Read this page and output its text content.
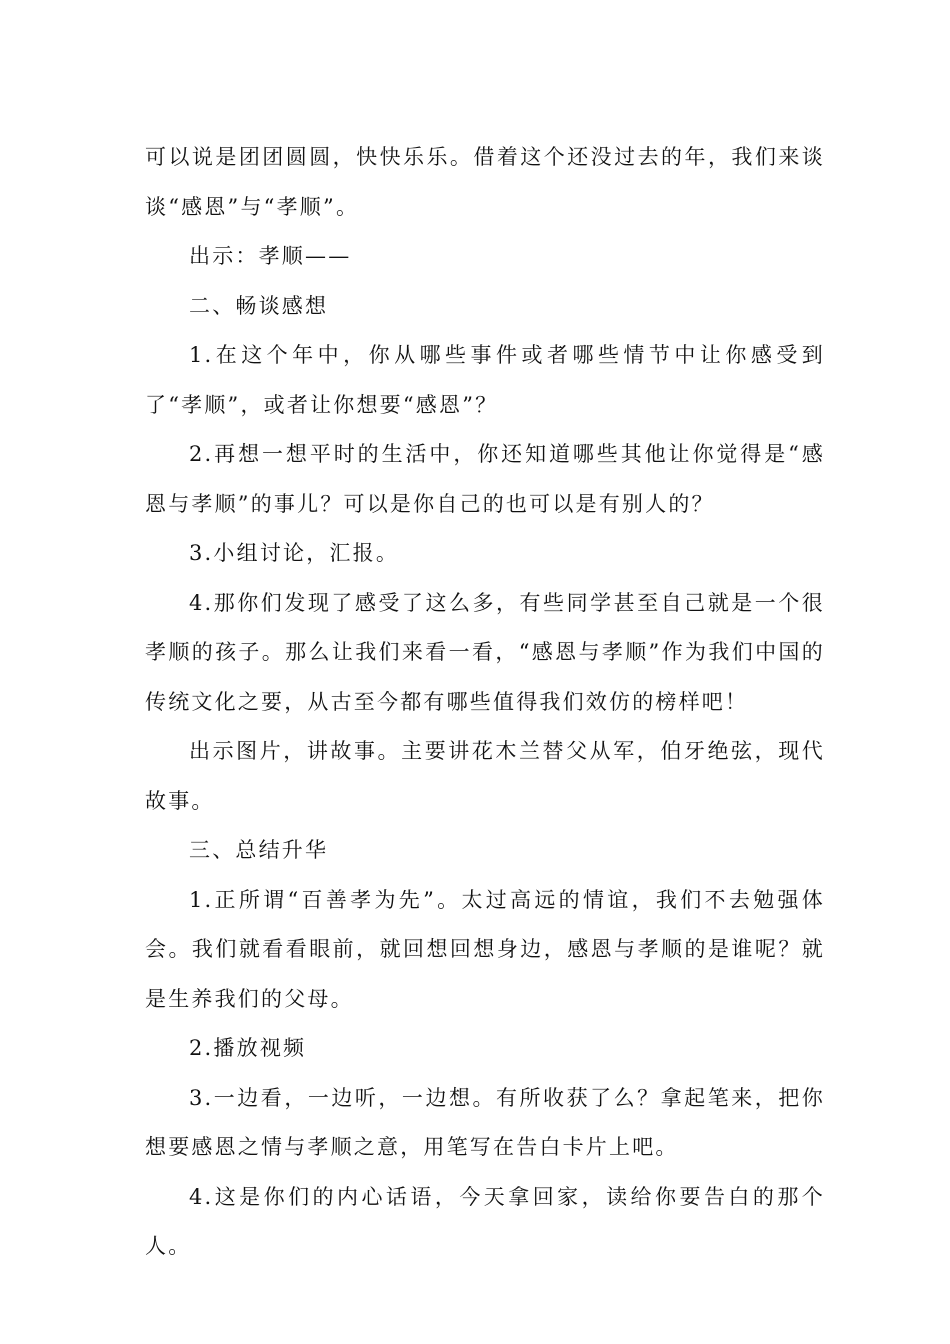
可以说是团团圆圆，快快乐乐。借着这个还没过去的年，我们来谈谈“感恩”与“孝顺”。

出示：孝顺——

二、畅谈感想

1.在这个年中，你从哪些事件或者哪些情节中让你感受到了“孝顺”，或者让你想要“感恩”？

2.再想一想平时的生活中，你还知道哪些其他让你觉得是“感恩与孝顺”的事儿？可以是你自己的也可以是有别人的？

3.小组讨论，汇报。

4.那你们发现了感受了这么多，有些同学甚至自己就是一个很孝顺的孩子。那么让我们来看一看，“感恩与孝顺”作为我们中国的传统文化之要，从古至今都有哪些值得我们效仿的榜样吧！

出示图片，讲故事。主要讲花木兰替父从军，伯牙绝弦，现代故事。

三、总结升华

1.正所谓“百善孝为先”。太过高远的情谊，我们不去勉强体会。我们就看看眼前，就回想回想身边，感恩与孝顺的是谁呢？就是生养我们的父母。

2.播放视频

3.一边看，一边听，一边想。有所收获了么？拿起笔来，把你想要感恩之情与孝顺之意，用笔写在告白卡片上吧。

4.这是你们的内心话语，今天拿回家，读给你要告白的那个人。
